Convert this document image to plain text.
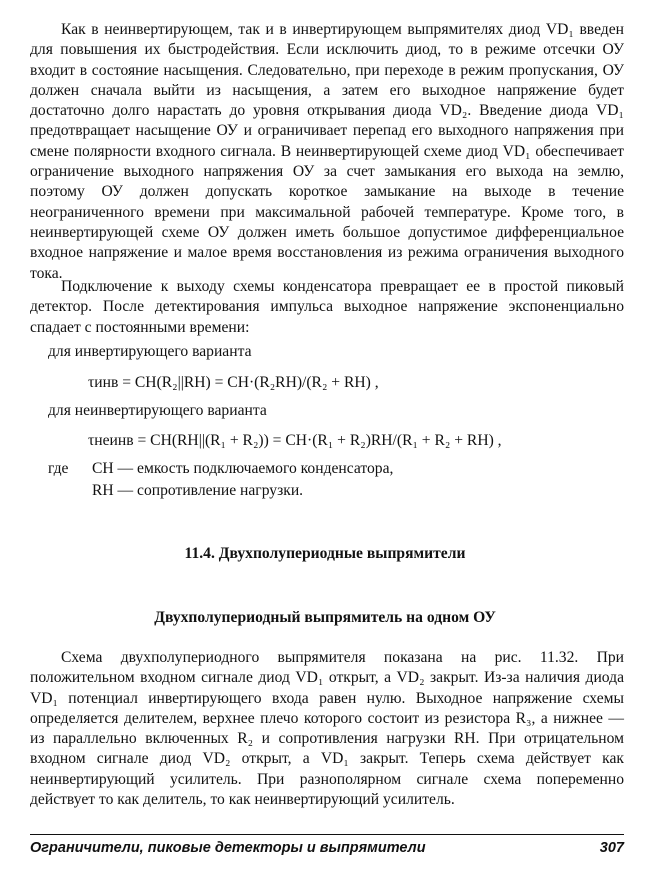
Как в неинвертирующем, так и в инвертирующем выпрямителях диод VD₁ введен для повышения их быстродействия. Если исключить диод, то в режиме отсечки ОУ входит в состояние насыщения. Следовательно, при переходе в режим пропускания, ОУ должен сначала выйти из насыщения, а затем его выходное напряжение будет достаточно долго нарастать до уровня открывания диода VD₂. Введение диода VD₁ предотвращает насыщение ОУ и ограничивает перепад его выходного напряжения при смене полярности входного сигнала. В неинвертирующей схеме диод VD₁ обеспечивает ограничение выходного напряжения ОУ за счет замыкания его выхода на землю, поэтому ОУ должен допускать короткое замыкание на выходе в течение неограниченного времени при максимальной рабочей температуре. Кроме того, в неинвертирующей схеме ОУ должен иметь большое допустимое дифференциальное входное напряжение и малое время восстановления из режима ограничения выходного тока.

Подключение к выходу схемы конденсатора превращает ее в простой пиковый детектор. После детектирования импульса выходное напряжение экспоненциально спадает с постоянными времени:

для инвертирующего варианта
τинв = CН(R₂||RН) = CН·(R₂RН)/(R₂ + RН) ,
для неинвертирующего варианта
τнеинв = CН(RН||(R₁ + R₂)) = CН·(R₁ + R₂)RН/(R₁ + R₂ + RН) ,
где CН — емкость подключаемого конденсатора,
RН — сопротивление нагрузки.
11.4. Двухполупериодные выпрямители
Двухполупериодный выпрямитель на одном ОУ

Схема двухполупериодного выпрямителя показана на рис. 11.32. При положительном входном сигнале диод VD₁ открыт, а VD₂ закрыт. Из-за наличия диода VD₁ потенциал инвертирующего входа равен нулю. Выходное напряжение схемы определяется делителем, верхнее плечо которого состоит из резистора R₃, а нижнее — из параллельно включенных R₂ и сопротивления нагрузки RН. При отрицательном входном сигнале диод VD₂ открыт, а VD₁ закрыт. Теперь схема действует как неинвертирующий усилитель. При разнополярном сигнале схема попеременно действует то как делитель, то как неинвертирующий усилитель.

Ограничители, пиковые детекторы и выпрямители	307
